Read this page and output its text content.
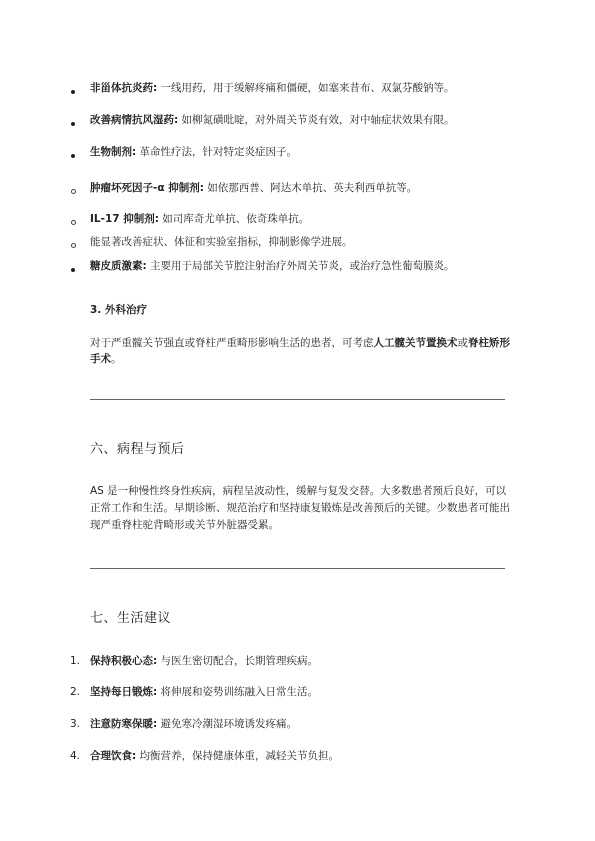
非甾体抗炎药: 一线用药，用于缓解疼痛和僵硬，如塞来昔布、双氯芬酸钠等。
改善病情抗风湿药: 如柳氮磺吡啶，对外周关节炎有效，对中轴症状效果有限。
生物制剂: 革命性疗法，针对特定炎症因子。
肿瘤坏死因子-α 抑制剂: 如依那西普、阿达木单抗、英夫利西单抗等。
IL-17 抑制剂: 如司库奇尤单抗、依奇珠单抗。
能显著改善症状、体征和实验室指标，抑制影像学进展。
糖皮质激素: 主要用于局部关节腔注射治疗外周关节炎，或治疗急性葡萄膜炎。
3. 外科治疗
对于严重髋关节强直或脊柱严重畸形影响生活的患者，可考虑人工髋关节置换术或脊柱矫形手术。
六、病程与预后
AS 是一种慢性终身性疾病，病程呈波动性，缓解与复发交替。大多数患者预后良好，可以正常工作和生活。早期诊断、规范治疗和坚持康复锻炼是改善预后的关键。少数患者可能出现严重脊柱驼背畸形或关节外脏器受累。
七、生活建议
1. 保持积极心态: 与医生密切配合，长期管理疾病。
2. 坚持每日锻炼: 将伸展和姿势训练融入日常生活。
3. 注意防寒保暖: 避免寒冷潮湿环境诱发疼痛。
4. 合理饮食: 均衡营养，保持健康体重，减轻关节负担。
